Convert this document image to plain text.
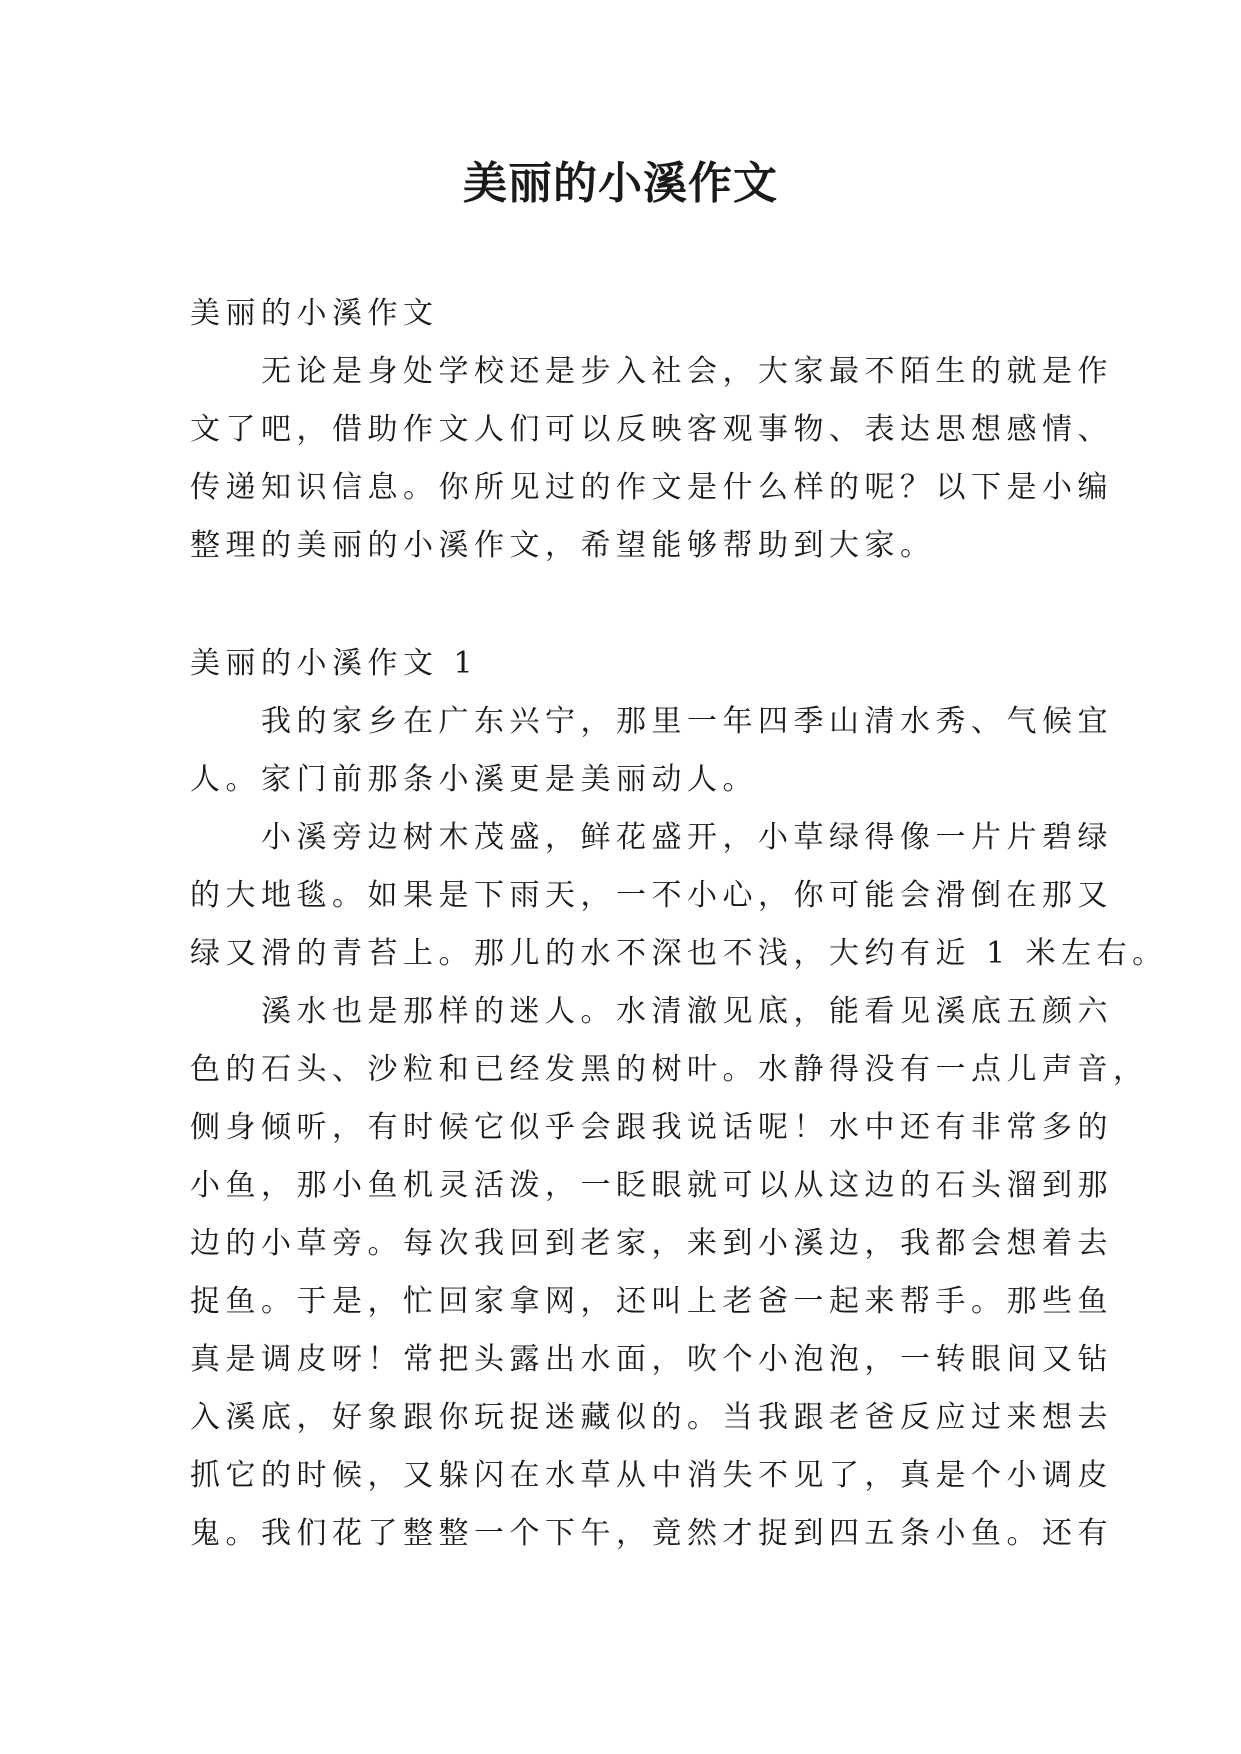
美丽的小溪作文
美丽的小溪作文
　　无论是身处学校还是步入社会，大家最不陌生的就是作
文了吧，借助作文人们可以反映客观事物、表达思想感情、
传递知识信息。你所见过的作文是什么样的呢？以下是小编
整理的美丽的小溪作文，希望能够帮助到大家。
美丽的小溪作文 1
　　我的家乡在广东兴宁，那里一年四季山清水秀、气候宜
人。家门前那条小溪更是美丽动人。
　　小溪旁边树木茂盛，鲜花盛开，小草绿得像一片片碧绿
的大地毯。如果是下雨天，一不小心，你可能会滑倒在那又
绿又滑的青苔上。那儿的水不深也不浅，大约有近 1 米左右。
　　溪水也是那样的迷人。水清澈见底，能看见溪底五颜六
色的石头、沙粒和已经发黑的树叶。水静得没有一点儿声音，
侧身倾听，有时候它似乎会跟我说话呢！水中还有非常多的
小鱼，那小鱼机灵活泼，一眨眼就可以从这边的石头溜到那
边的小草旁。每次我回到老家，来到小溪边，我都会想着去
捉鱼。于是，忙回家拿网，还叫上老爸一起来帮手。那些鱼
真是调皮呀！常把头露出水面，吹个小泡泡，一转眼间又钻
入溪底，好象跟你玩捉迷藏似的。当我跟老爸反应过来想去
抓它的时候，又躲闪在水草从中消失不见了，真是个小调皮
鬼。我们花了整整一个下午，竟然才捉到四五条小鱼。还有
